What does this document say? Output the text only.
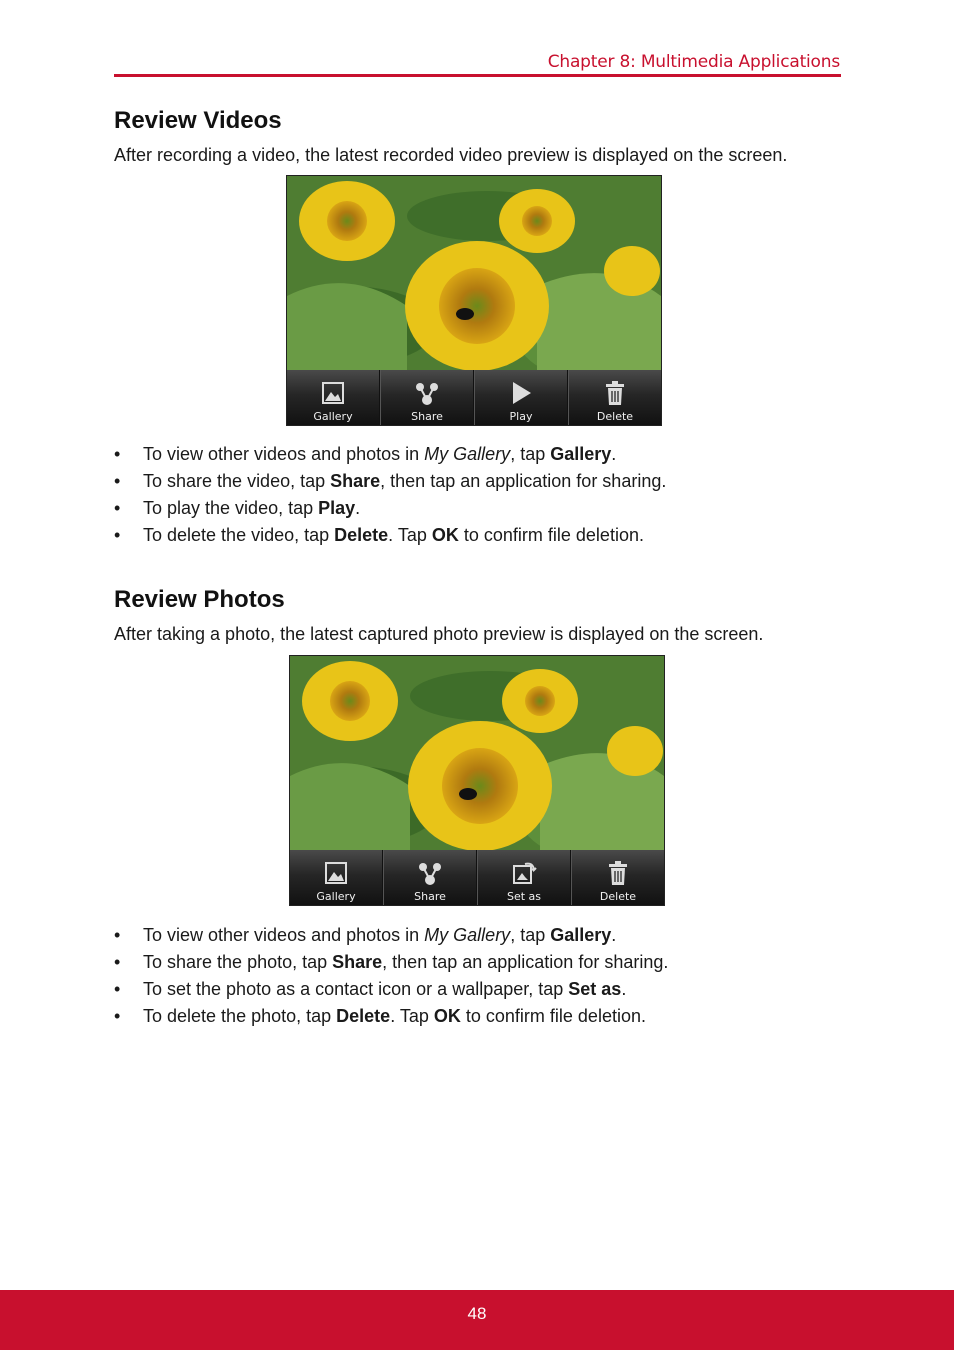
Chapter 8: Multimedia Applications
Review Videos

After recording a video, the latest recorded video preview is displayed on the screen.

Gallery	Share	Play	Delete
• To view other videos and photos in My Gallery, tap Gallery.
• To share the video, tap Share, then tap an application for sharing.
• To play the video, tap Play.
• To delete the video, tap Delete. Tap OK to confirm file deletion.
Review Photos

After taking a photo, the latest captured photo preview is displayed on the screen.

Gallery	Share	Set as	Delete
• To view other videos and photos in My Gallery, tap Gallery.
• To share the photo, tap Share, then tap an application for sharing.
• To set the photo as a contact icon or a wallpaper, tap Set as.
• To delete the photo, tap Delete. Tap OK to confirm file deletion.
48
